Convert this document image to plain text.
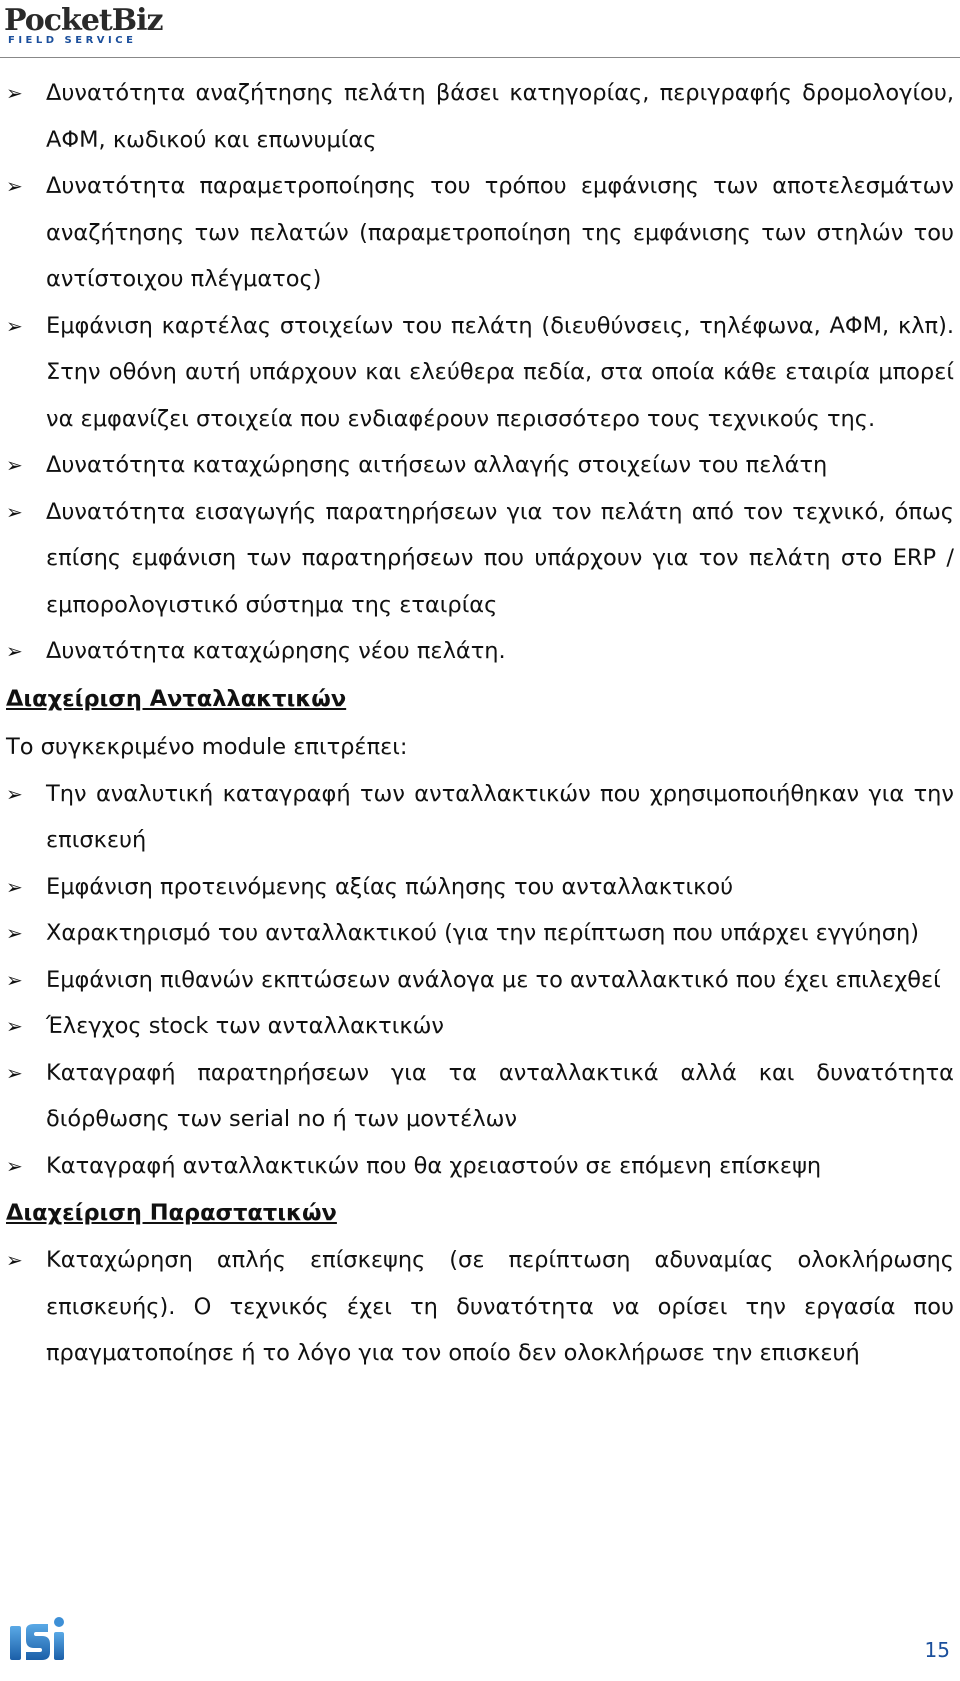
PocketBiz
FIELD SERVICE
➢ Δυνατότητα αναζήτησης πελάτη βάσει κατηγορίας, περιγραφής δρομολογίου, ΑΦΜ, κωδικού και επωνυμίας
➢ Δυνατότητα παραμετροποίησης του τρόπου εμφάνισης των αποτελεσμάτων αναζήτησης των πελατών (παραμετροποίηση της εμφάνισης των στηλών του αντίστοιχου πλέγματος)
➢ Εμφάνιση καρτέλας στοιχείων του πελάτη (διευθύνσεις, τηλέφωνα, ΑΦΜ, κλπ). Στην οθόνη αυτή υπάρχουν και ελεύθερα πεδία, στα οποία κάθε εταιρία μπορεί να εμφανίζει στοιχεία που ενδιαφέρουν περισσότερο τους τεχνικούς της.
➢ Δυνατότητα καταχώρησης αιτήσεων αλλαγής στοιχείων του πελάτη
➢ Δυνατότητα εισαγωγής παρατηρήσεων για τον πελάτη από τον τεχνικό, όπως επίσης εμφάνιση των παρατηρήσεων που υπάρχουν για τον πελάτη στο ERP / εμπορολογιστικό σύστημα της εταιρίας
➢ Δυνατότητα καταχώρησης νέου πελάτη.
Διαχείριση Ανταλλακτικών
Το συγκεκριμένο module επιτρέπει:
➢ Την αναλυτική καταγραφή των ανταλλακτικών που χρησιμοποιήθηκαν για την επισκευή
➢ Εμφάνιση προτεινόμενης αξίας πώλησης του ανταλλακτικού
➢ Χαρακτηρισμό του ανταλλακτικού (για την περίπτωση που υπάρχει εγγύηση)
➢ Εμφάνιση πιθανών εκπτώσεων ανάλογα με το ανταλλακτικό που έχει επιλεχθεί
➢ Έλεγχος stock των ανταλλακτικών
➢ Καταγραφή παρατηρήσεων για τα ανταλλακτικά αλλά και δυνατότητα διόρθωσης των serial no ή των μοντέλων
➢ Καταγραφή ανταλλακτικών που θα χρειαστούν σε επόμενη επίσκεψη
Διαχείριση Παραστατικών
➢ Καταχώρηση απλής επίσκεψης (σε περίπτωση αδυναμίας ολοκλήρωσης επισκευής). Ο τεχνικός έχει τη δυνατότητα να ορίσει την εργασία που πραγματοποίησε ή το λόγο για τον οποίο δεν ολοκλήρωσε την επισκευή
15
